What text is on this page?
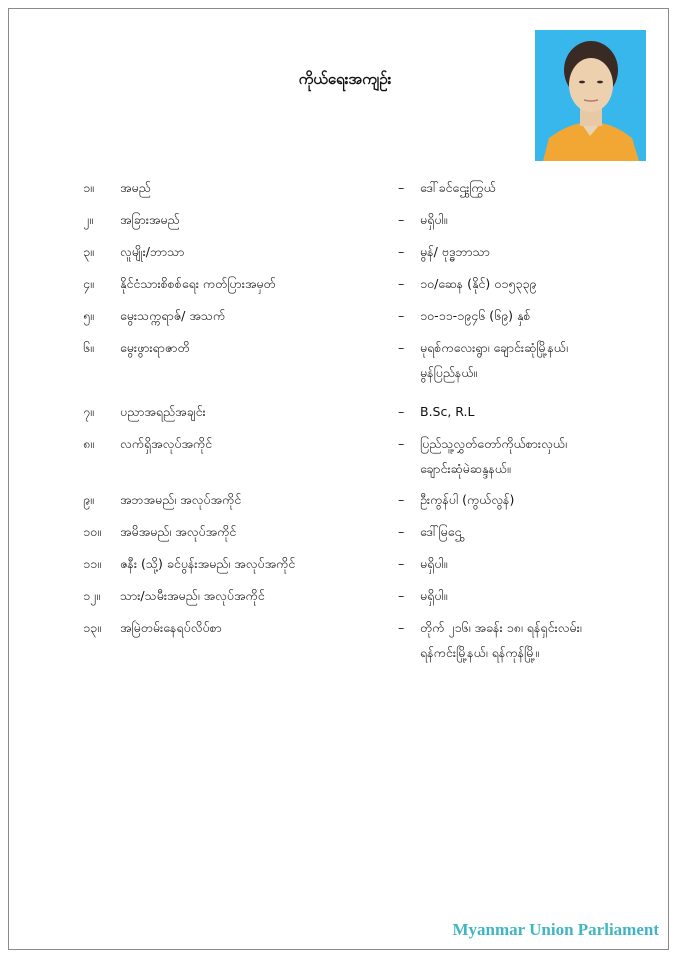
ကိုယ်ရေးအကျဉ်း
၁။ အမည်	– ဒေါ်ခင်ဌွေးကြွယ်
၂။ အခြားအမည်	– မရှိပါ။
၃။ လူမျိုး/ဘာသာ	– မွန်/ ဗုဒ္ဓဘာသာ
၄။ နိုင်ငံသားစိစစ်ရေး ကတ်ပြားအမှတ်	– ၁၀/ဆေန (နိုင်) ၀၁၅၃၃၉
၅။ မွေးသက္ကရာဇ်/ အသက်	– ၁၀-၁၁-၁၉၄၆ (၆၉) နှစ်
၆။ မွေးဖွားရာဇာတိ	– မုရစ်ကလေးရွာ၊ ချောင်းဆုံမြို့နယ်၊
မွန်ပြည်နယ်။
၇။ ပညာအရည်အချင်း	– B.Sc, R.L
၈။ လက်ရှိအလုပ်အကိုင်	– ပြည်သူ့လွှတ်တော်ကိုယ်စားလှယ်၊
ချောင်းဆုံမဲဆန္ဒနယ်။
၉။ အဘအမည်၊ အလုပ်အကိုင်	– ဦးကွန်ပါ (ကွယ်လွန်)
၁၀။ အမိအမည်၊ အလုပ်အကိုင်	– ဒေါ်မြဌွေ
၁၁။ ဇနီး (သို့) ခင်ပွန်းအမည်၊ အလုပ်အကိုင်	– မရှိပါ။
၁၂။ သား/သမီးအမည်၊ အလုပ်အကိုင်	– မရှိပါ။
၁၃။ အမြဲတမ်းနေရပ်လိပ်စာ	– တိုက် ၂၁၆၊ အခန်း ၁၈၊ ရန်ရှင်းလမ်း၊
ရန်ကင်းမြို့နယ်၊ ရန်ကုန်မြို့။
Myanmar Union Parliament
